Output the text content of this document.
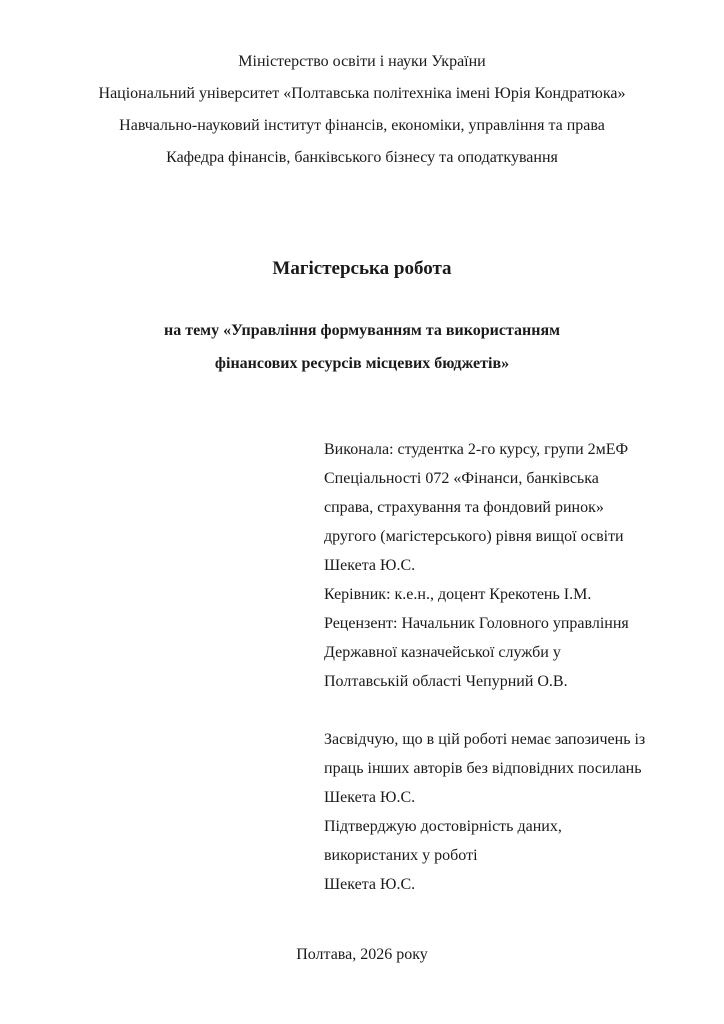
Міністерство освіти і науки України

Національний університет «Полтавська політехніка імені Юрія Кондратюка»

Навчально-науковий інститут фінансів, економіки, управління та права

Кафедра фінансів, банківського бізнесу та оподаткування

Магістерська робота

на тему «Управління формуванням та використанням

фінансових ресурсів місцевих бюджетів»

Виконала: студентка 2-го курсу, групи 2мЕФ

Спеціальності 072 «Фінанси, банківська

справа, страхування та фондовий ринок»

другого (магістерського) рівня вищої освіти

Шекета Ю.С.

Керівник: к.е.н., доцент Крекотень І.М.

Рецензент: Начальник Головного управління

Державної казначейської служби у

Полтавській області Чепурний О.В.

Засвідчую, що в цій роботі немає запозичень із

праць інших авторів без відповідних посилань

Шекета Ю.С.

Підтверджую достовірність даних,

використаних у роботі

Шекета Ю.С.

Полтава, 2026 року
